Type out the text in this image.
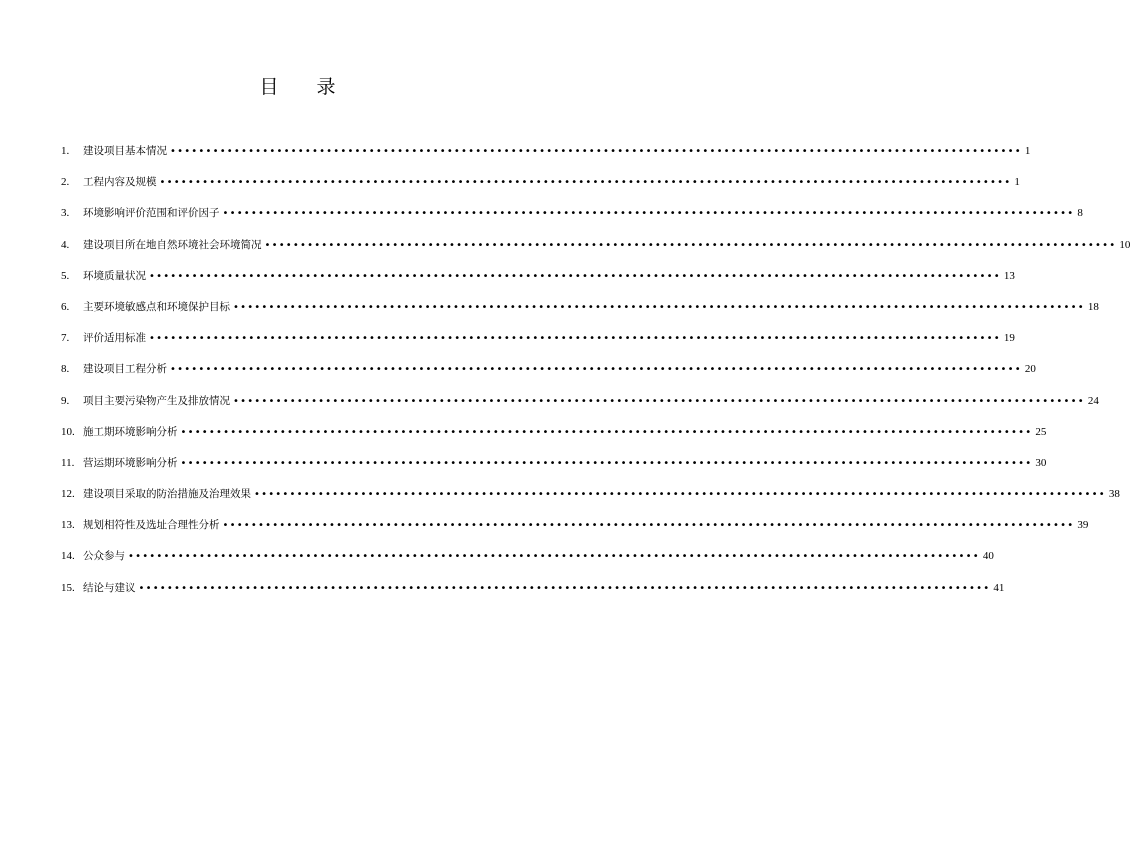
目 录
1.	建设项目基本情况 •••••••••••••••••••••••••••••••••••••••••••••••••••••••••••••••••••••••••••••••••••••••••••••••••••••••••••••••••••••••• 1
2.	工程内容及规模 •••••••••••••••••••••••••••••••••••••••••••••••••••••••••••••••••••••••••••••••••••••••••••••••••••••••••••••••••••••••• 1
3.	环境影响评价范围和评价因子 •••••••••••••••••••••••••••••••••••••••••••••••••••••••••••••••••••••••••••••••••••••••••••••••••••••••••••••••••••••••• 8
4.	建设项目所在地自然环境社会环境简况 •••••••••••••••••••••••••••••••••••••••••••••••••••••••••••••••••••••••••••••••••••••••••••••••••••••••••••••••••••••••• 10
5.	环境质量状况 •••••••••••••••••••••••••••••••••••••••••••••••••••••••••••••••••••••••••••••••••••••••••••••••••••••••••••••••••••••••• 13
6.	主要环境敏感点和环境保护目标 •••••••••••••••••••••••••••••••••••••••••••••••••••••••••••••••••••••••••••••••••••••••••••••••••••••••••••••••••••••••• 18
7.	评价适用标准 •••••••••••••••••••••••••••••••••••••••••••••••••••••••••••••••••••••••••••••••••••••••••••••••••••••••••••••••••••••••• 19
8.	建设项目工程分析 •••••••••••••••••••••••••••••••••••••••••••••••••••••••••••••••••••••••••••••••••••••••••••••••••••••••••••••••••••••••• 20
9.	项目主要污染物产生及排放情况 •••••••••••••••••••••••••••••••••••••••••••••••••••••••••••••••••••••••••••••••••••••••••••••••••••••••••••••••••••••••• 24
10. 施工期环境影响分析 •••••••••••••••••••••••••••••••••••••••••••••••••••••••••••••••••••••••••••••••••••••••••••••••••••••••••••••••••••••••• 25
11. 营运期环境影响分析 •••••••••••••••••••••••••••••••••••••••••••••••••••••••••••••••••••••••••••••••••••••••••••••••••••••••••••••••••••••••• 30
12. 建设项目采取的防治措施及治理效果 •••••••••••••••••••••••••••••••••••••••••••••••••••••••••••••••••••••••••••••••••••••••••••••••••••••••••••••••••••••••• 38
13. 规划相符性及选址合理性分析 •••••••••••••••••••••••••••••••••••••••••••••••••••••••••••••••••••••••••••••••••••••••••••••••••••••••••••••••••••••••• 39
14. 公众参与 •••••••••••••••••••••••••••••••••••••••••••••••••••••••••••••••••••••••••••••••••••••••••••••••••••••••••••••••••••••••• 40
15. 结论与建议 •••••••••••••••••••••••••••••••••••••••••••••••••••••••••••••••••••••••••••••••••••••••••••••••••••••••••••••••••••••••• 41
